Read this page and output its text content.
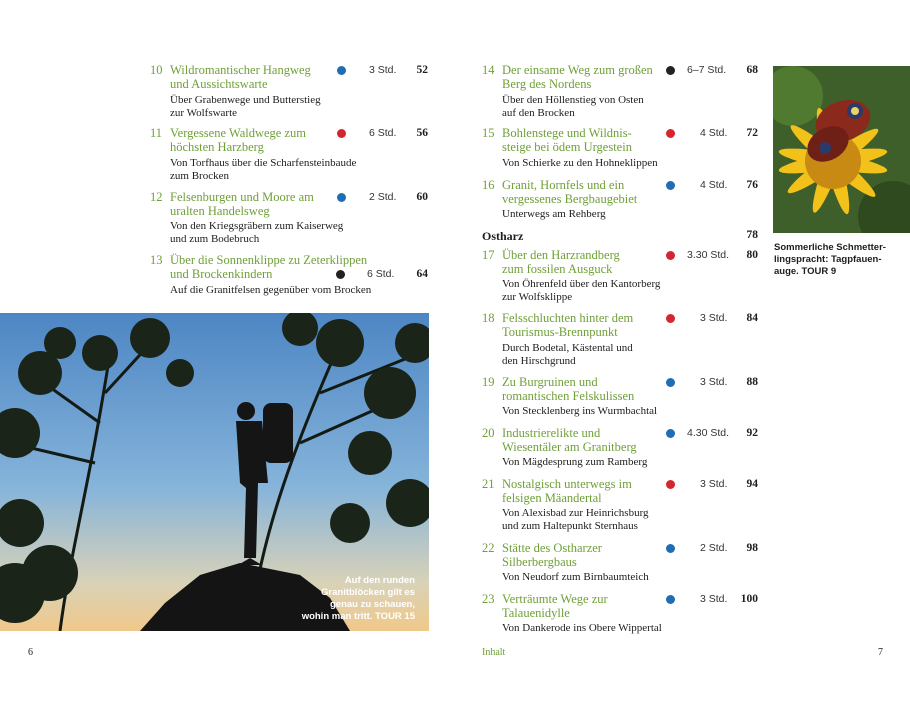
10 Wildromantischer Hangweg
und Aussichtswarte
Über Grabenwege und Butterstieg
zur Wolfswarte
3 Std.	52
11 Vergessene Waldwege zum
höchsten Harzberg
Von Torfhaus über die Scharfensteinbaude
zum Brocken
6 Std.	56
12 Felsenburgen und Moore am
uralten Handelsweg
Von den Kriegsgräbern zum Kaiserweg
und zum Bodebruch
2 Std.	60
13 Über die Sonnenklippe zu Zeterklippen
und Brockenkindern
Auf die Granitfelsen gegenüber vom Brocken
6 Std.	64
Auf den runden
Granitblöcken gilt es
genau zu schauen,
wohin man tritt. TOUR 15
14 Der einsame Weg zum großen
Berg des Nordens
Über den Höllenstieg von Osten
auf den Brocken
6–7 Std.	68
15 Bohlenstege und Wildnis-
steige bei ödem Urgestein
Von Schierke zu den Hohneklippen
4 Std.	72
16 Granit, Hornfels und ein
vergessenes Bergbaugebiet
Unterwegs am Rehberg
4 Std.	76
Ostharz	78
17 Über den Harzrandberg
zum fossilen Ausguck
Von Öhrenfeld über den Kantorberg
zur Wolfsklippe
3.30 Std.	80
18 Felsschluchten hinter dem
Tourismus-Brennpunkt
Durch Bodetal, Kästental und
den Hirschgrund
3 Std.	84
19 Zu Burgruinen und
romantischen Felskulissen
Von Stecklenberg ins Wurmbachtal
3 Std.	88
20 Industrierelikte und
Wiesentäler am Granitberg
Von Mägdesprung zum Ramberg
4.30 Std.	92
21 Nostalgisch unterwegs im
felsigen Mäandertal
Von Alexisbad zur Heinrichsburg
und zum Haltepunkt Sternhaus
3 Std.	94
22 Stätte des Ostharzer
Silberbergbaus
Von Neudorf zum Birnbaumteich
2 Std.	98
23 Verträumte Wege zur
Talauenidylle
Von Dankerode ins Obere Wippertal
3 Std.	100
Sommerliche Schmetter-
lingspracht: Tagpfauen-
auge. TOUR 9
6	Inhalt	7
